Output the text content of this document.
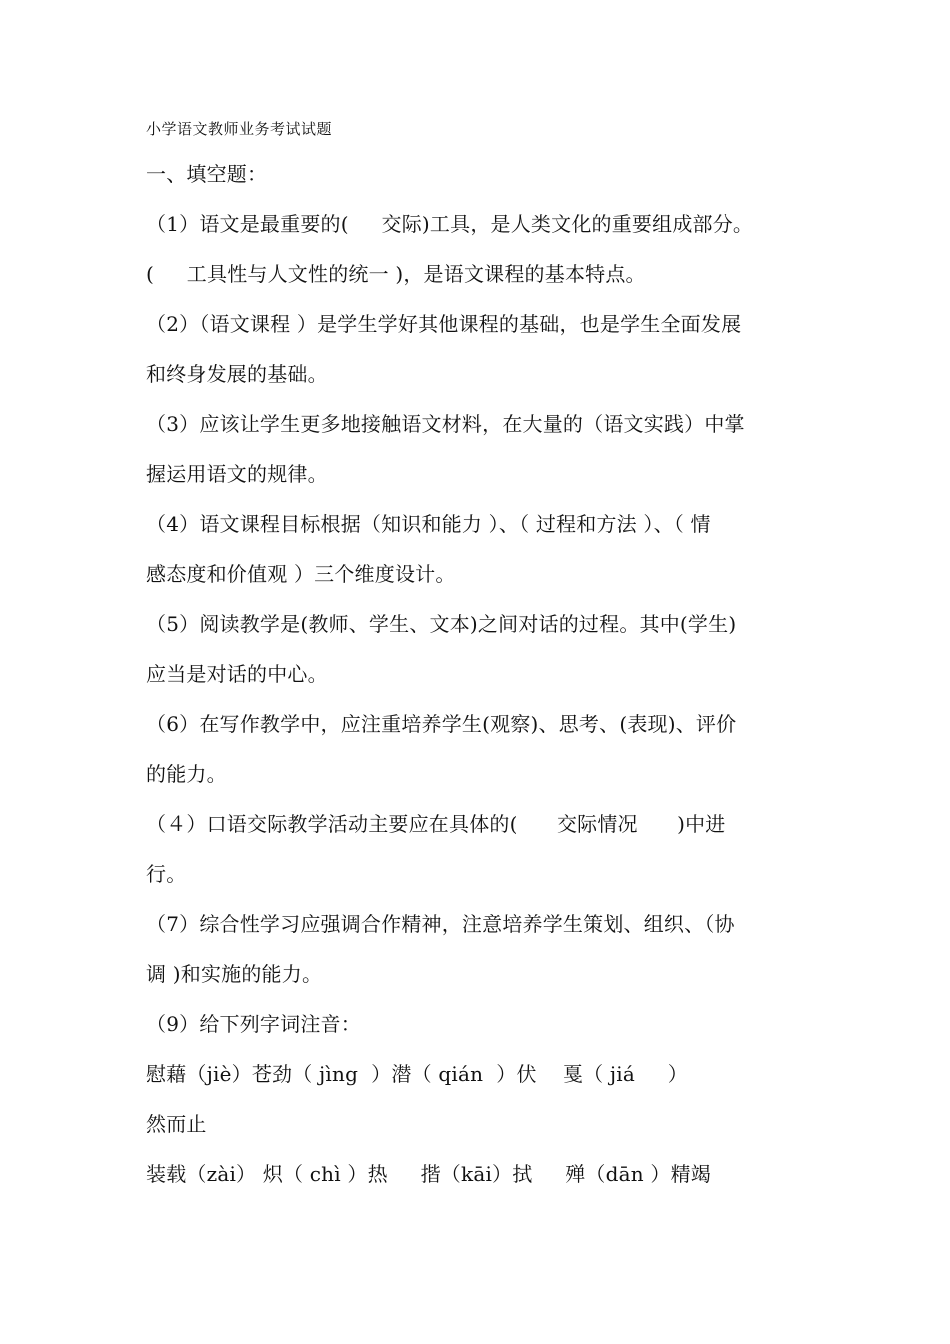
小学语文教师业务考试试题
一、填空题：
（1）语文是最重要的(     交际)工具，是人类文化的重要组成部分。
(     工具性与人文性的统一 )，是语文课程的基本特点。
（2）（语文课程 ）是学生学好其他课程的基础，也是学生全面发展
和终身发展的基础。
（3）应该让学生更多地接触语文材料，在大量的（语文实践）中掌
握运用语文的规律。
（4）语文课程目标根据（知识和能力 ）、（ 过程和方法 ）、（ 情
感态度和价值观 ）三个维度设计。
（5）阅读教学是(教师、学生、文本)之间对话的过程。其中(学生)
应当是对话的中心。
（6）在写作教学中，应注重培养学生(观察)、思考、(表现)、评价
的能力。
（４）口语交际教学活动主要应在具体的(      交际情况      )中进
行。
（7）综合性学习应强调合作精神，注意培养学生策划、组织、（协
调 )和实施的能力。
（9）给下列字词注音：
慰藉（jiè）苍劲（ jìng  ）潜（ qián  ）伏    戛（ jiá     ）
然而止
装载（zài） 炽（ chì ）热     揩（kāi）拭     殚（dān ）精竭
